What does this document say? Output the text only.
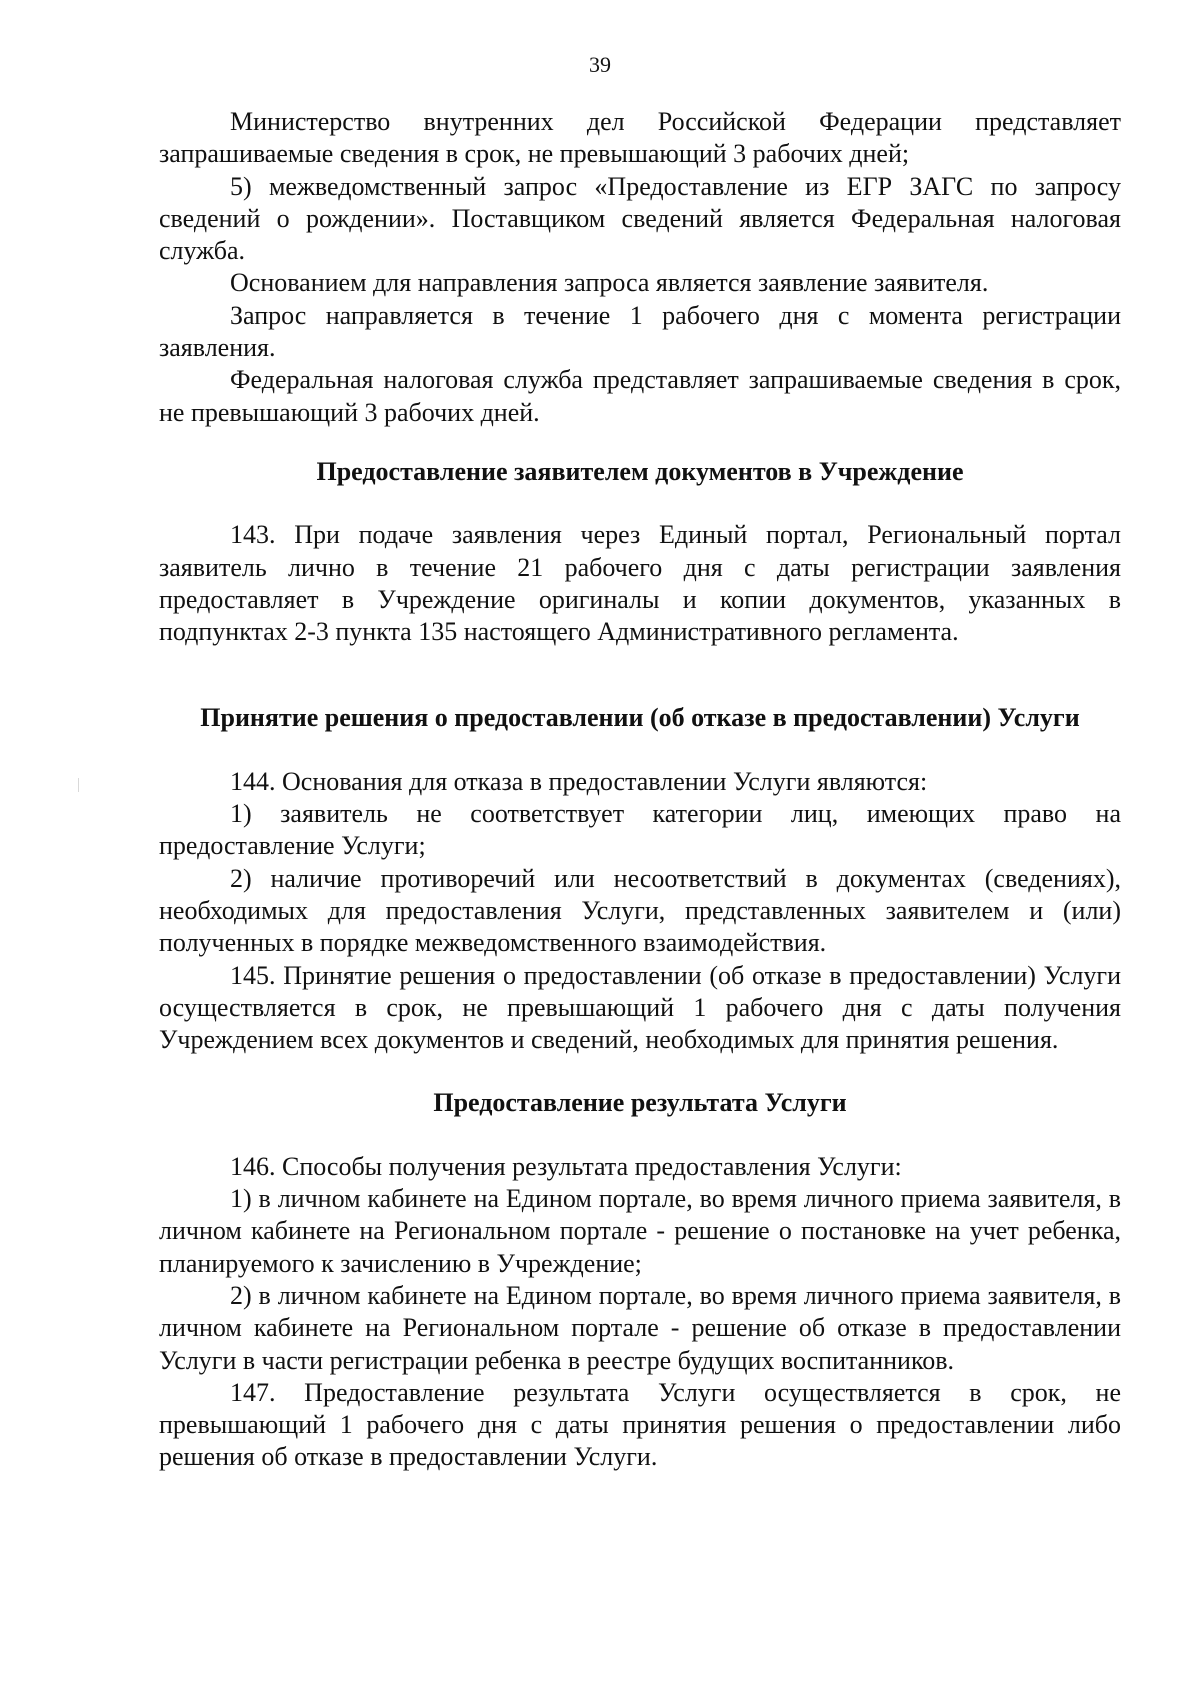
39

Министерство внутренних дел Российской Федерации представляет запрашиваемые сведения в срок, не превышающий 3 рабочих дней;

5) межведомственный запрос «Предоставление из ЕГР ЗАГС по запросу сведений о рождении». Поставщиком сведений является Федеральная налоговая служба.

Основанием для направления запроса является заявление заявителя.

Запрос направляется в течение 1 рабочего дня с момента регистрации заявления.

Федеральная налоговая служба представляет запрашиваемые сведения в срок, не превышающий 3 рабочих дней.

Предоставление заявителем документов в Учреждение

143. При подаче заявления через Единый портал, Региональный портал заявитель лично в течение 21 рабочего дня с даты регистрации заявления предоставляет в Учреждение оригиналы и копии документов, указанных в подпунктах 2-3 пункта 135 настоящего Административного регламента.

Принятие решения о предоставлении (об отказе в предоставлении) Услуги

144. Основания для отказа в предоставлении Услуги являются:

1) заявитель не соответствует категории лиц, имеющих право на предоставление Услуги;

2) наличие противоречий или несоответствий в документах (сведениях), необходимых для предоставления Услуги, представленных заявителем и (или) полученных в порядке межведомственного взаимодействия.

145. Принятие решения о предоставлении (об отказе в предоставлении) Услуги осуществляется в срок, не превышающий 1 рабочего дня с даты получения Учреждением всех документов и сведений, необходимых для принятия решения.

Предоставление результата Услуги

146. Способы получения результата предоставления Услуги:

1) в личном кабинете на Едином портале, во время личного приема заявителя, в личном кабинете на Региональном портале - решение о постановке на учет ребенка, планируемого к зачислению в Учреждение;

2) в личном кабинете на Едином портале, во время личного приема заявителя, в личном кабинете на Региональном портале - решение об отказе в предоставлении Услуги в части регистрации ребенка в реестре будущих воспитанников.

147. Предоставление результата Услуги осуществляется в срок, не превышающий 1 рабочего дня с даты принятия решения о предоставлении либо решения об отказе в предоставлении Услуги.
